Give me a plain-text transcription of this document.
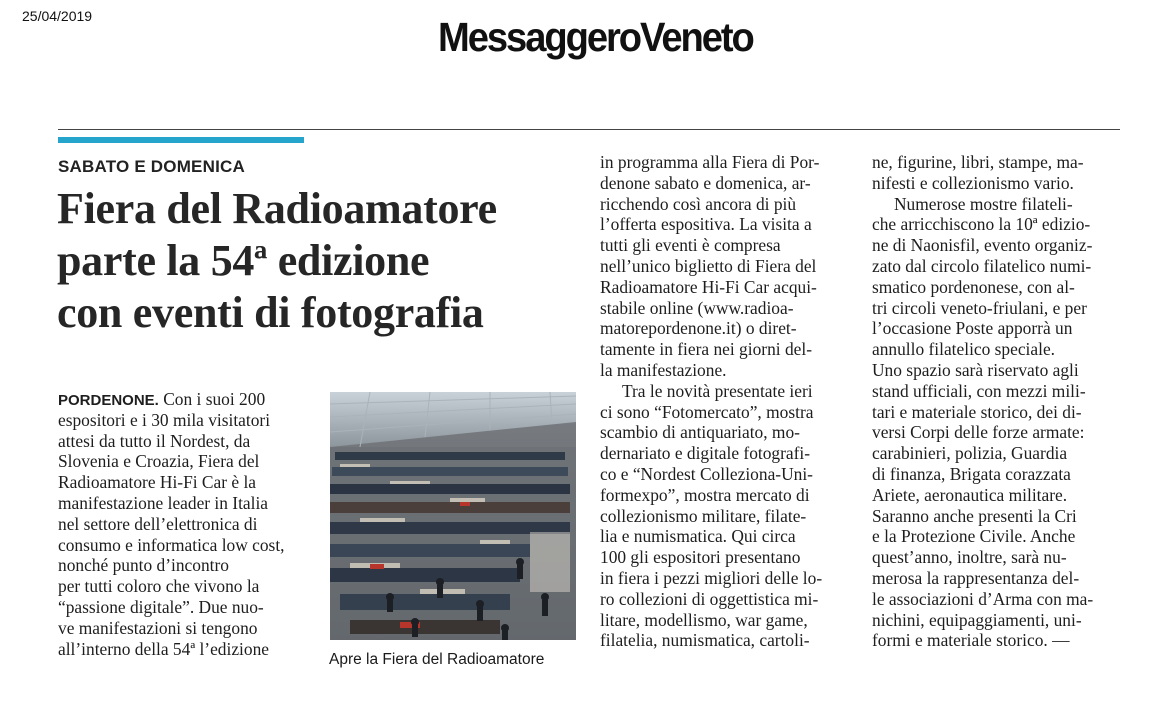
25/04/2019	MessaggeroVeneto
SABATO E DOMENICA
Fiera del Radioamatore
parte la 54ª edizione
con eventi di fotografia
PORDENONE. Con i suoi 200
espositori e i 30 mila visitatori
attesi da tutto il Nordest, da
Slovenia e Croazia, Fiera del
Radioamatore Hi-Fi Car è la
manifestazione leader in Italia
nel settore dell’elettronica di
consumo e informatica low cost,
nonché punto d’incontro
per tutti coloro che vivono la
“passione digitale”. Due nuo-
ve manifestazioni si tengono
all’interno della 54ª l’edizione
Apre la Fiera del Radioamatore
in programma alla Fiera di Por-
denone sabato e domenica, ar-
ricchendo così ancora di più
l’offerta espositiva. La visita a
tutti gli eventi è compresa
nell’unico biglietto di Fiera del
Radioamatore Hi-Fi Car acqui-
stabile online (www.radioa-
matorepordenone.it) o diret-
tamente in fiera nei giorni del-
la manifestazione.
Tra le novità presentate ieri
ci sono “Fotomercato”, mostra
scambio di antiquariato, mo-
dernariato e digitale fotografi-
co e “Nordest Colleziona-Uni-
formexpo”, mostra mercato di
collezionismo militare, filate-
lia e numismatica. Qui circa
100 gli espositori presentano
in fiera i pezzi migliori delle lo-
ro collezioni di oggettistica mi-
litare, modellismo, war game,
filatelia, numismatica, cartoli-
ne, figurine, libri, stampe, ma-
nifesti e collezionismo vario.
Numerose mostre filateli-
che arricchiscono la 10ª edizio-
ne di Naonisfil, evento organiz-
zato dal circolo filatelico numi-
smatico pordenonese, con al-
tri circoli veneto-friulani, e per
l’occasione Poste apporrà un
annullo filatelico speciale.
Uno spazio sarà riservato agli
stand ufficiali, con mezzi mili-
tari e materiale storico, dei di-
versi Corpi delle forze armate:
carabinieri, polizia, Guardia
di finanza, Brigata corazzata
Ariete, aeronautica militare.
Saranno anche presenti la Cri
e la Protezione Civile. Anche
quest’anno, inoltre, sarà nu-
merosa la rappresentanza del-
le associazioni d’Arma con ma-
nichini, equipaggiamenti, uni-
formi e materiale storico. —
